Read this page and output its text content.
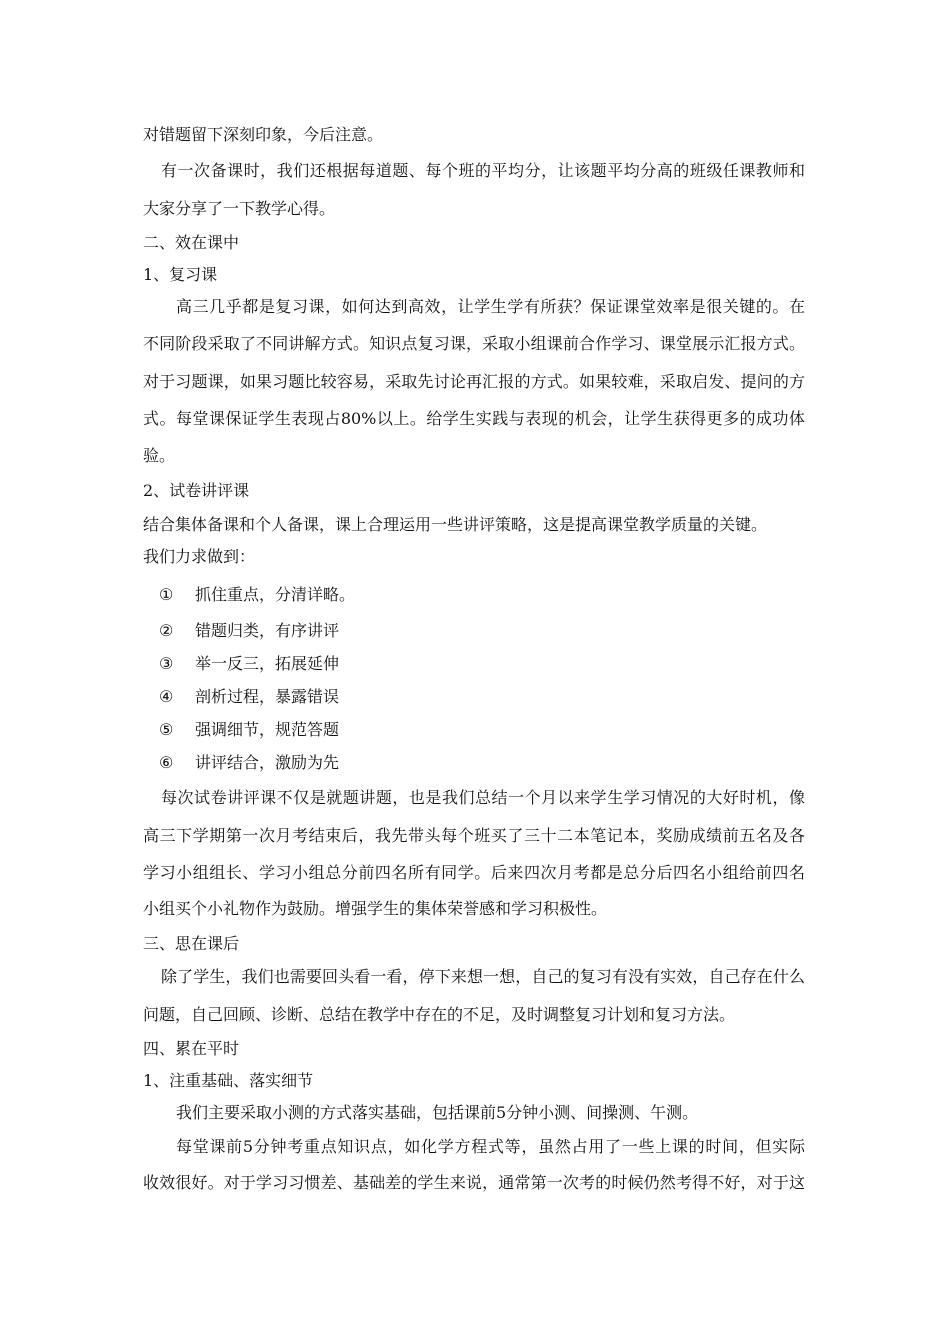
对错题留下深刻印象，今后注意。
有一次备课时，我们还根据每道题、每个班的平均分，让该题平均分高的班级任课教师和
大家分享了一下教学心得。
二、效在课中
1、复习课
高三几乎都是复习课，如何达到高效，让学生学有所获？保证课堂效率是很关键的。在
不同阶段采取了不同讲解方式。知识点复习课，采取小组课前合作学习、课堂展示汇报方式。
对于习题课，如果习题比较容易，采取先讨论再汇报的方式。如果较难，采取启发、提问的方
式。每堂课保证学生表现占80%以上。给学生实践与表现的机会，让学生获得更多的成功体
验。
2、试卷讲评课
结合集体备课和个人备课，课上合理运用一些讲评策略，这是提高课堂教学质量的关键。
我们力求做到：
① 抓住重点，分清详略。
② 错题归类，有序讲评
③ 举一反三，拓展延伸
④ 剖析过程，暴露错误
⑤ 强调细节，规范答题
⑥ 讲评结合，激励为先
每次试卷讲评课不仅是就题讲题，也是我们总结一个月以来学生学习情况的大好时机，像
高三下学期第一次月考结束后，我先带头每个班买了三十二本笔记本，奖励成绩前五名及各
学习小组组长、学习小组总分前四名所有同学。后来四次月考都是总分后四名小组给前四名
小组买个小礼物作为鼓励。增强学生的集体荣誉感和学习积极性。
三、思在课后
除了学生，我们也需要回头看一看，停下来想一想，自己的复习有没有实效，自己存在什么
问题，自己回顾、诊断、总结在教学中存在的不足，及时调整复习计划和复习方法。
四、累在平时
1、注重基础、落实细节
我们主要采取小测的方式落实基础，包括课前5分钟小测、间操测、午测。
每堂课前5分钟考重点知识点，如化学方程式等，虽然占用了一些上课的时间，但实际
收效很好。对于学习习惯差、基础差的学生来说，通常第一次考的时候仍然考得不好，对于这
